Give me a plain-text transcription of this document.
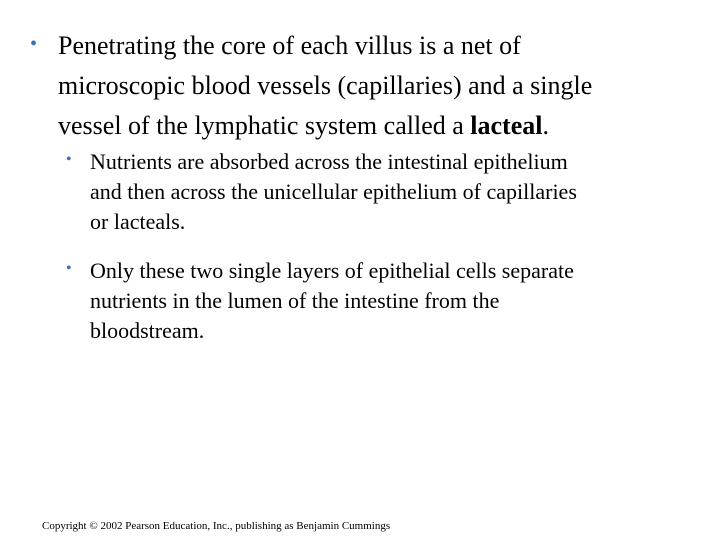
• Penetrating the core of each villus is a net of
microscopic blood vessels (capillaries) and a single
vessel of the lymphatic system called a lacteal.
• Nutrients are absorbed across the intestinal epithelium
and then across the unicellular epithelium of capillaries
or lacteals.
• Only these two single layers of epithelial cells separate
nutrients in the lumen of the intestine from the
bloodstream.
Copyright © 2002 Pearson Education, Inc., publishing as Benjamin Cummings
